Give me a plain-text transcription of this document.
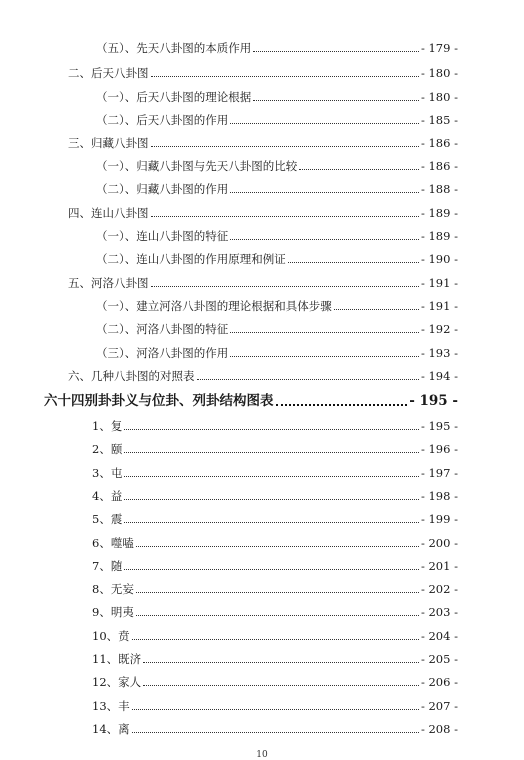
（五）、先天八卦图的本质作用	- 179 -
二、后天八卦图	- 180 -
（一）、后天八卦图的理论根据	- 180 -
（二）、后天八卦图的作用	- 185 -
三、归藏八卦图	- 186 -
（一）、归藏八卦图与先天八卦图的比较	- 186 -
（二）、归藏八卦图的作用	- 188 -
四、连山八卦图	- 189 -
（一）、连山八卦图的特征	- 189 -
（二）、连山八卦图的作用原理和例证	- 190 -
五、河洛八卦图	- 191 -
（一）、建立河洛八卦图的理论根据和具体步骤	- 191 -
（二）、河洛八卦图的特征	- 192 -
（三）、河洛八卦图的作用	- 193 -
六、几种八卦图的对照表	- 194 -
六十四别卦卦义与位卦、列卦结构图表	- 195 -
1、复	- 195 -
2、颐	- 196 -
3、屯	- 197 -
4、益	- 198 -
5、震	- 199 -
6、噬嗑	- 200 -
7、随	- 201 -
8、无妄	- 202 -
9、明夷	- 203 -
10、贲	- 204 -
11、既济	- 205 -
12、家人	- 206 -
13、丰	- 207 -
14、离	- 208 -
10
